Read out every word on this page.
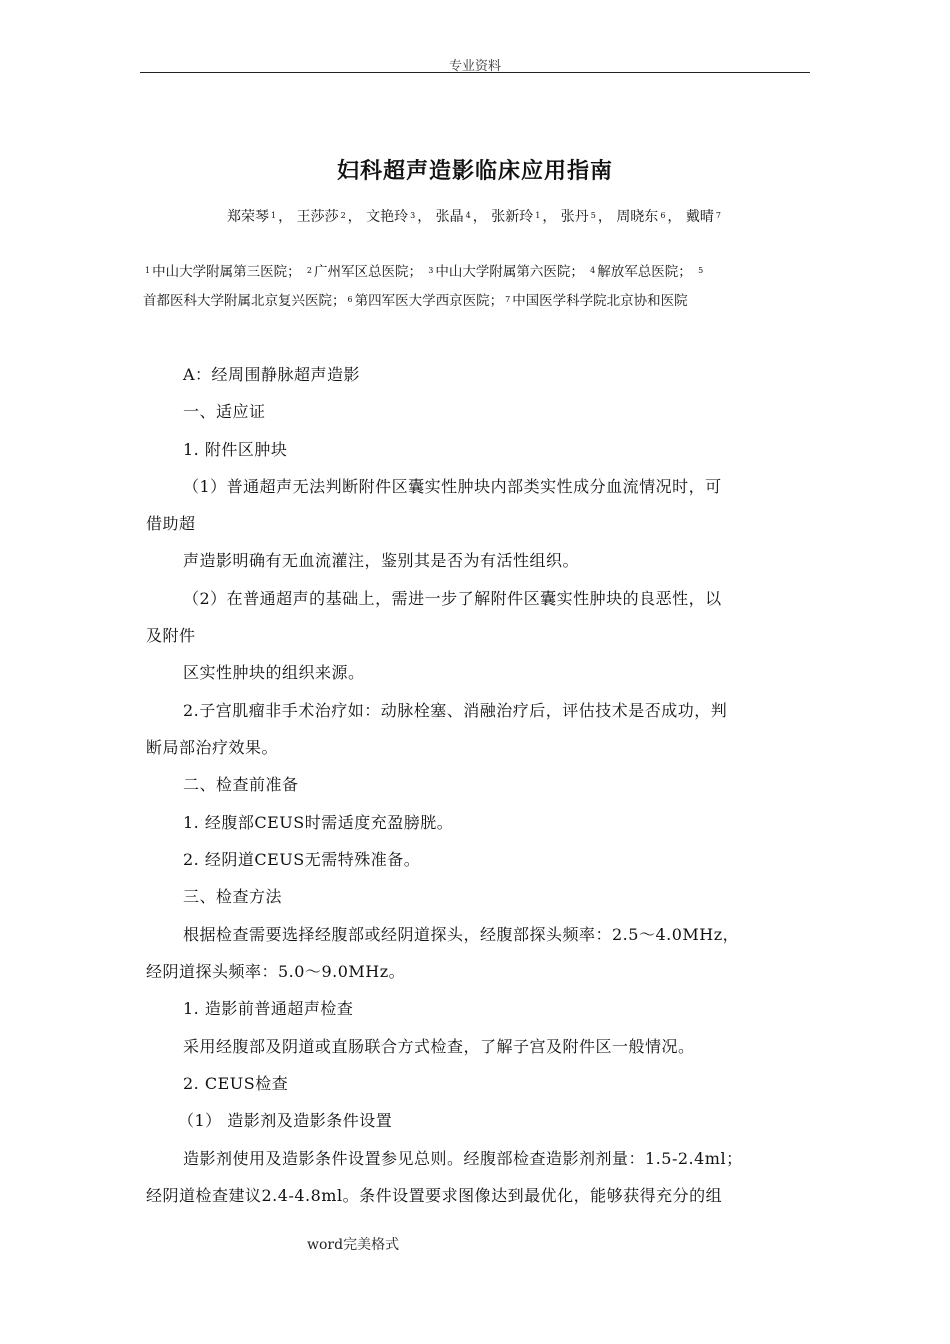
专业资料
妇科超声造影临床应用指南
郑荣琴 $^1$ ， 王莎莎 $^2$ ， 文艳玲 $^3$ ， 张晶 $^4$ ， 张新玲 $^1$ ， 张丹 $^5$ ， 周晓东 $^6$ ， 戴晴 $^7$
$^1$ 中山大学附属第三医院； $^2$ 广州军区总医院； $^3$ 中山大学附属第六医院； $^4$ 解放军总医院； $^5$
首都医科大学附属北京复兴医院； $^6$ 第四军医大学西京医院； $^7$ 中国医学科学院北京协和医院
A：经周围静脉超声造影
一、适应证
1. 附件区肿块
（1）普通超声无法判断附件区囊实性肿块内部类实性成分血流情况时，可
借助超
声造影明确有无血流灌注，鉴别其是否为有活性组织。
（2）在普通超声的基础上，需进一步了解附件区囊实性肿块的良恶性，以
及附件
区实性肿块的组织来源。
2.子宫肌瘤非手术治疗如：动脉栓塞、消融治疗后，评估技术是否成功，判
断局部治疗效果。
二、检查前准备
1. 经腹部CEUS时需适度充盈膀胱。
2. 经阴道CEUS无需特殊准备。
三、检查方法
根据检查需要选择经腹部或经阴道探头，经腹部探头频率：2.5～4.0MHz，
经阴道探头频率：5.0～9.0MHz。
1. 造影前普通超声检查
采用经腹部及阴道或直肠联合方式检查，了解子宫及附件区一般情况。
2. CEUS检查
（1） 造影剂及造影条件设置
造影剂使用及造影条件设置参见总则。经腹部检查造影剂剂量：1.5-2.4ml；
经阴道检查建议2.4-4.8ml。条件设置要求图像达到最优化，能够获得充分的组
word完美格式
